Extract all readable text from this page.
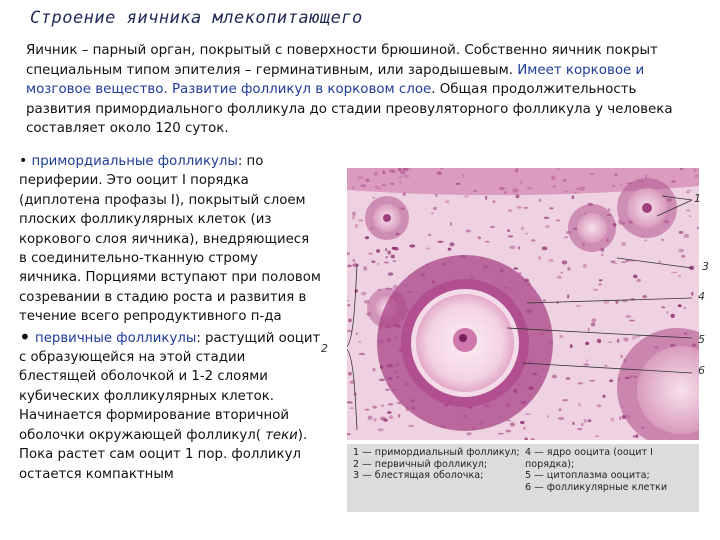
Строение яичника млекопитающего
Яичник – парный орган, покрытый с поверхности брюшиной. Собственно яичник покрыт специальным типом эпителия – герминативным, или зародышевым. Имеет корковое и мозговое вещество. Развитие фолликул в корковом слое. Общая продолжительность развития примордиального фолликула до стадии преовуляторного фолликула у человека составляет около 120 суток.

• примордиальные фолликулы: по периферии. Это ооцит I порядка (диплотена профазы I), покрытый слоем плоских фолликулярных клеток (из коркового слоя яичника), внедряющиеся в соединительно-тканную строму яичника. Порциями вступают при половом созревании в стадию роста и развития в течение всего репродуктивного п-да

• первичные фолликулы: растущий ооцит с образующейся на этой стадии блестящей оболочкой и 1-2 слоями кубических фолликулярных клеток. Начинается формирование вторичной оболочки окружающей фолликул( теки). Пока растет сам ооцит 1 пор. фолликул остается компактным

1
2
3
4
5
6
1 — примордиальный фолликул;
2 — первичный фолликул;
3 — блестящая оболочка;
4 — ядро ооцита (ооцит I порядка);
5 — цитоплазма ооцита;
6 — фолликулярные клетки
